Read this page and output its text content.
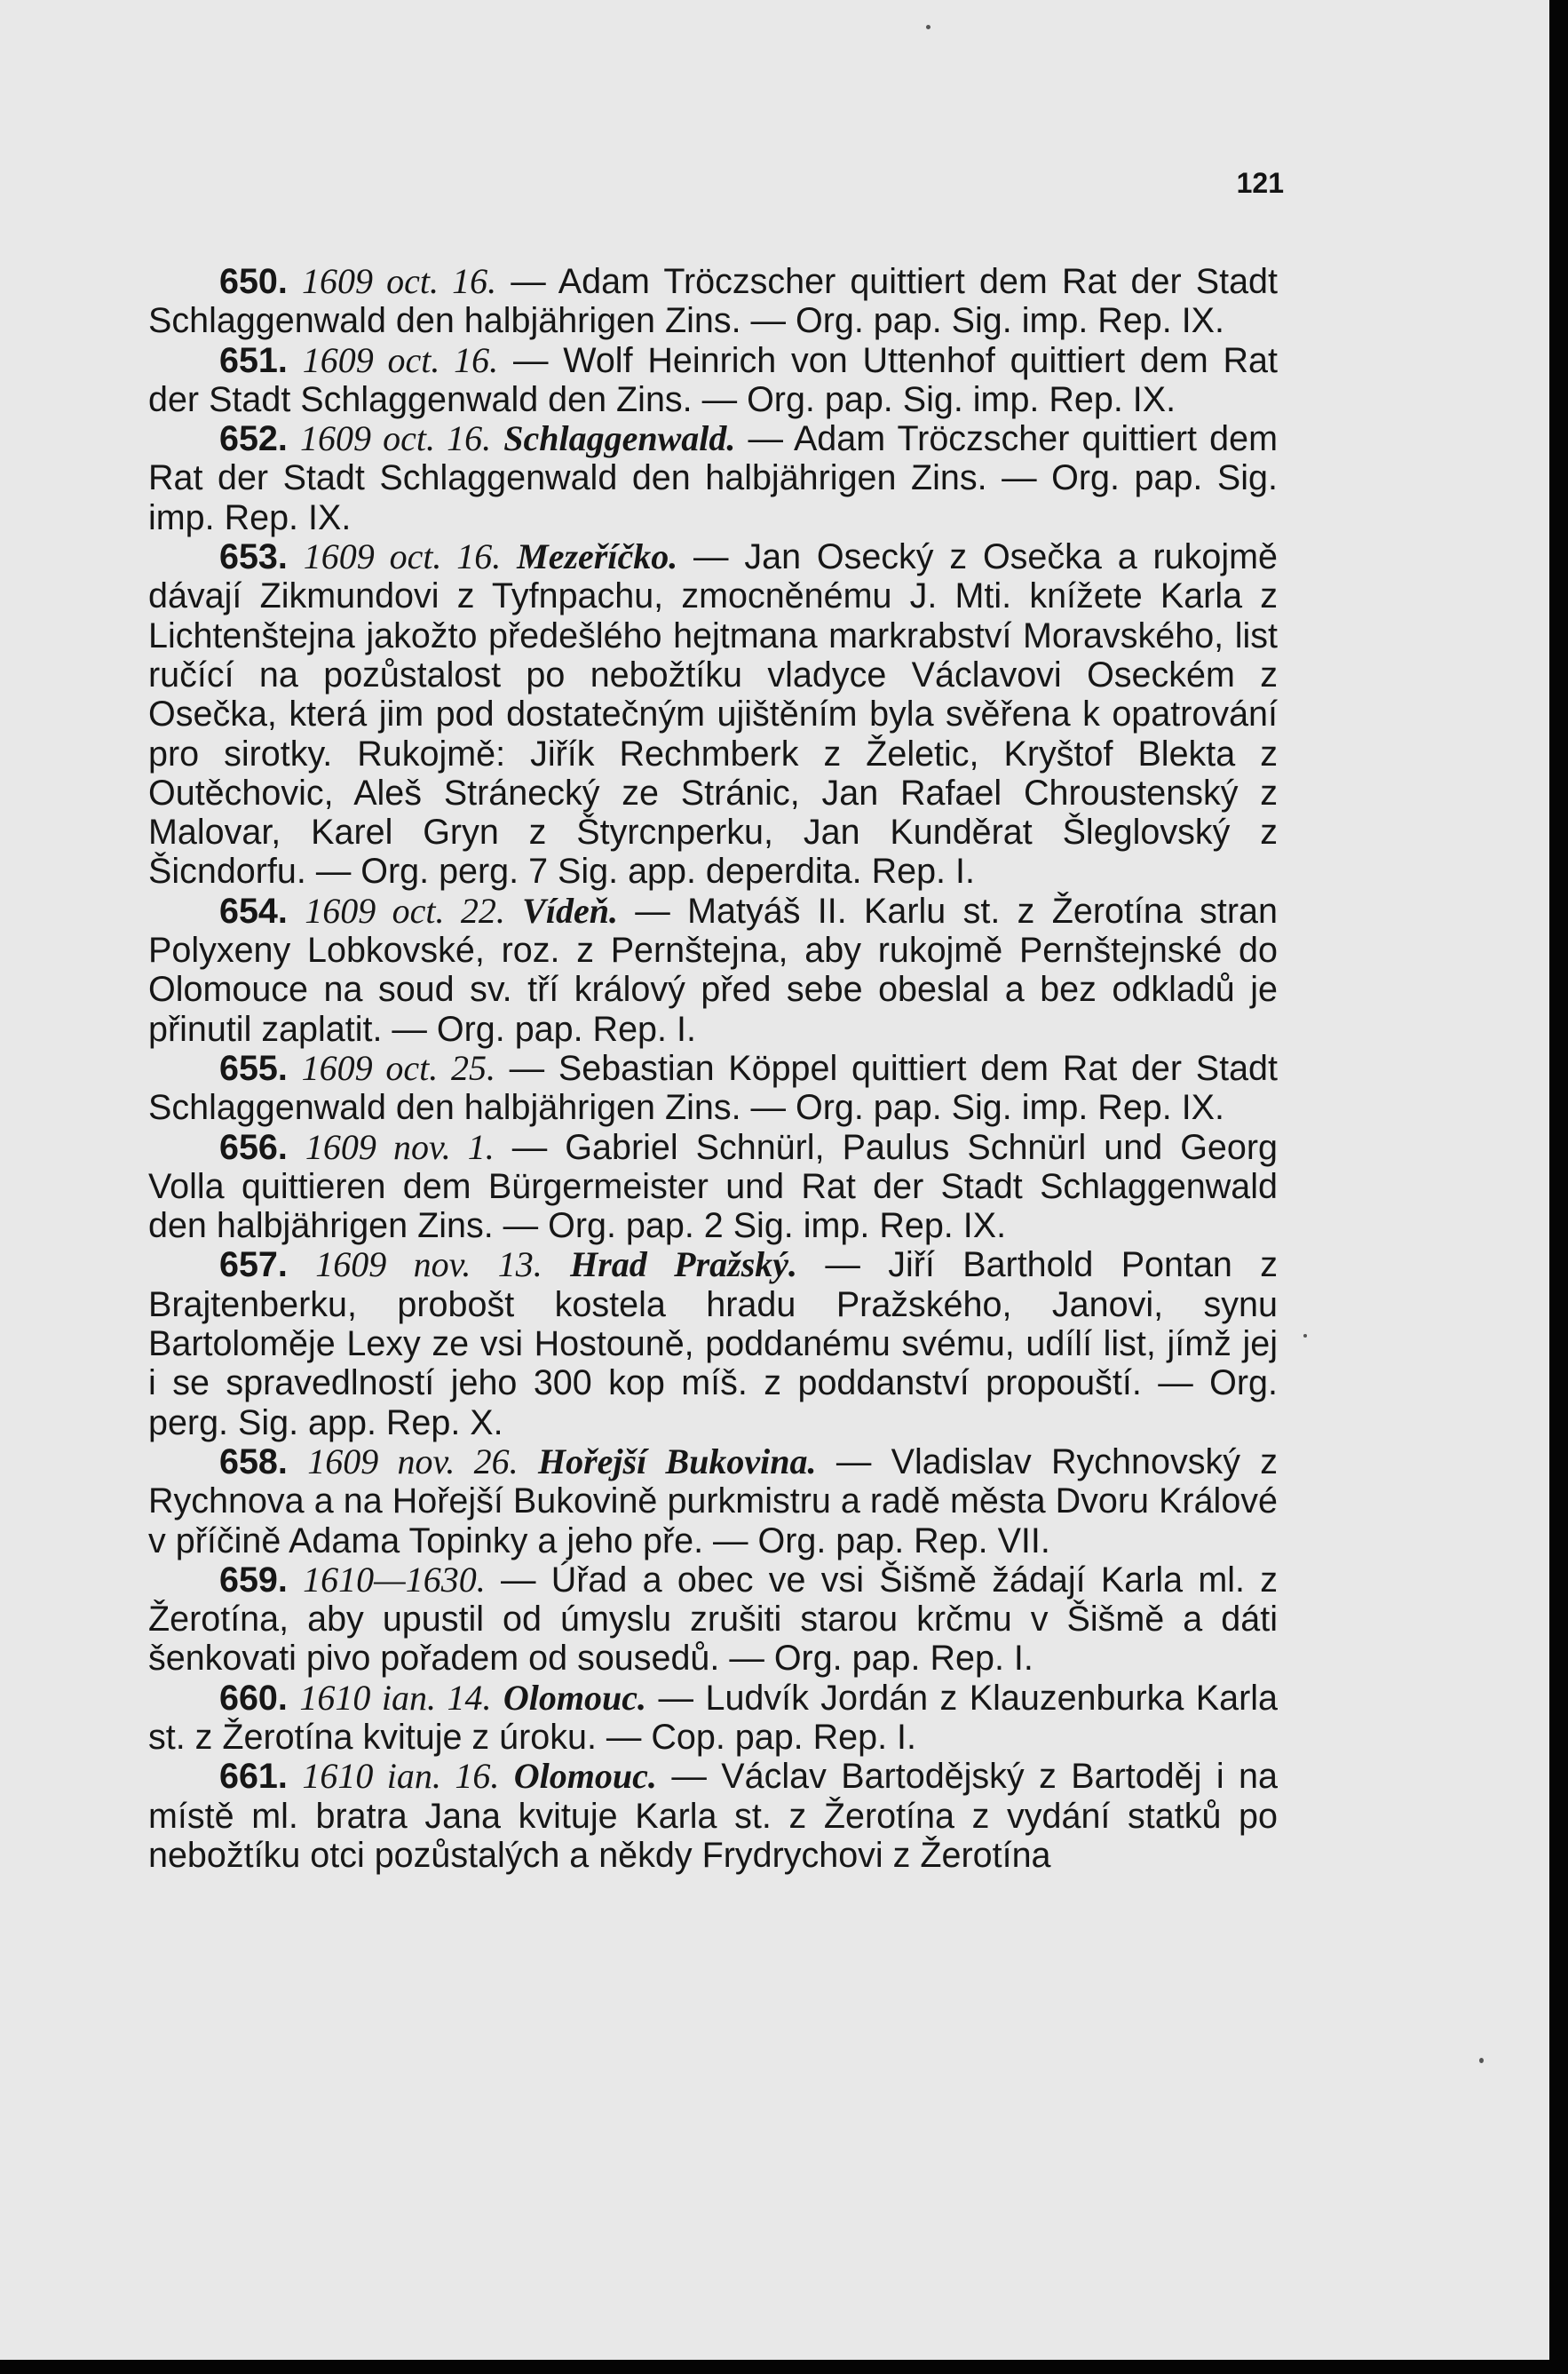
121

650. 1609 oct. 16. — Adam Tröczscher quittiert dem Rat der Stadt Schlaggenwald den halbjährigen Zins. — Org. pap. Sig. imp. Rep. IX.

651. 1609 oct. 16. — Wolf Heinrich von Uttenhof quittiert dem Rat der Stadt Schlaggenwald den Zins. — Org. pap. Sig. imp. Rep. IX.

652. 1609 oct. 16. Schlaggenwald. — Adam Tröczscher quittiert dem Rat der Stadt Schlaggenwald den halbjährigen Zins. — Org. pap. Sig. imp. Rep. IX.

653. 1609 oct. 16. Mezeříčko. — Jan Osecký z Osečka a rukojmě dávají Zikmundovi z Tyfnpachu, zmocněnému J. Mti. knížete Karla z Lichtenštejna jakožto předešlého hejtmana markrabství Moravského, list ručící na pozůstalost po nebožtíku vladyce Václavovi Oseckém z Osečka, která jim pod dostatečným ujištěním byla svěřena k opatrování pro sirotky. Rukojmě: Jiřík Rechmberk z Želetic, Kryštof Blekta z Outěchovic, Aleš Stránecký ze Stránic, Jan Rafael Chroustenský z Malovar, Karel Gryn z Štyrcnperku, Jan Kunděrat Šleglovský z Šicndorfu. — Org. perg. 7 Sig. app. deperdita. Rep. I.

654. 1609 oct. 22. Vídeň. — Matyáš II. Karlu st. z Žerotína stran Polyxeny Lobkovské, roz. z Pernštejna, aby rukojmě Pernštejnské do Olomouce na soud sv. tří králový před sebe obeslal a bez odkladů je přinutil zaplatit. — Org. pap. Rep. I.

655. 1609 oct. 25. — Sebastian Köppel quittiert dem Rat der Stadt Schlaggenwald den halbjährigen Zins. — Org. pap. Sig. imp. Rep. IX.

656. 1609 nov. 1. — Gabriel Schnürl, Paulus Schnürl und Georg Volla quittieren dem Bürgermeister und Rat der Stadt Schlaggenwald den halbjährigen Zins. — Org. pap. 2 Sig. imp. Rep. IX.

657. 1609 nov. 13. Hrad Pražský. — Jiří Barthold Pontan z Brajtenberku, probošt kostela hradu Pražského, Janovi, synu Bartoloměje Lexy ze vsi Hostouně, poddanému svému, udílí list, jímž jej i se spravedlností jeho 300 kop míš. z poddanství propouští. — Org. perg. Sig. app. Rep. X.

658. 1609 nov. 26. Hořejší Bukovina. — Vladislav Rychnovský z Rychnova a na Hořejší Bukovině purkmistru a radě města Dvoru Králové v příčině Adama Topinky a jeho pře. — Org. pap. Rep. VII.

659. 1610—1630. — Úřad a obec ve vsi Šišmě žádají Karla ml. z Žerotína, aby upustil od úmyslu zrušiti starou krčmu v Šišmě a dáti šenkovati pivo pořadem od sousedů. — Org. pap. Rep. I.

660. 1610 ian. 14. Olomouc. — Ludvík Jordán z Klauzenburka Karla st. z Žerotína kvituje z úroku. — Cop. pap. Rep. I.

661. 1610 ian. 16. Olomouc. — Václav Bartodějský z Bartoděj i na místě ml. bratra Jana kvituje Karla st. z Žerotína z vydání statků po nebožtíku otci pozůstalých a někdy Frydrychovi z Žerotína
